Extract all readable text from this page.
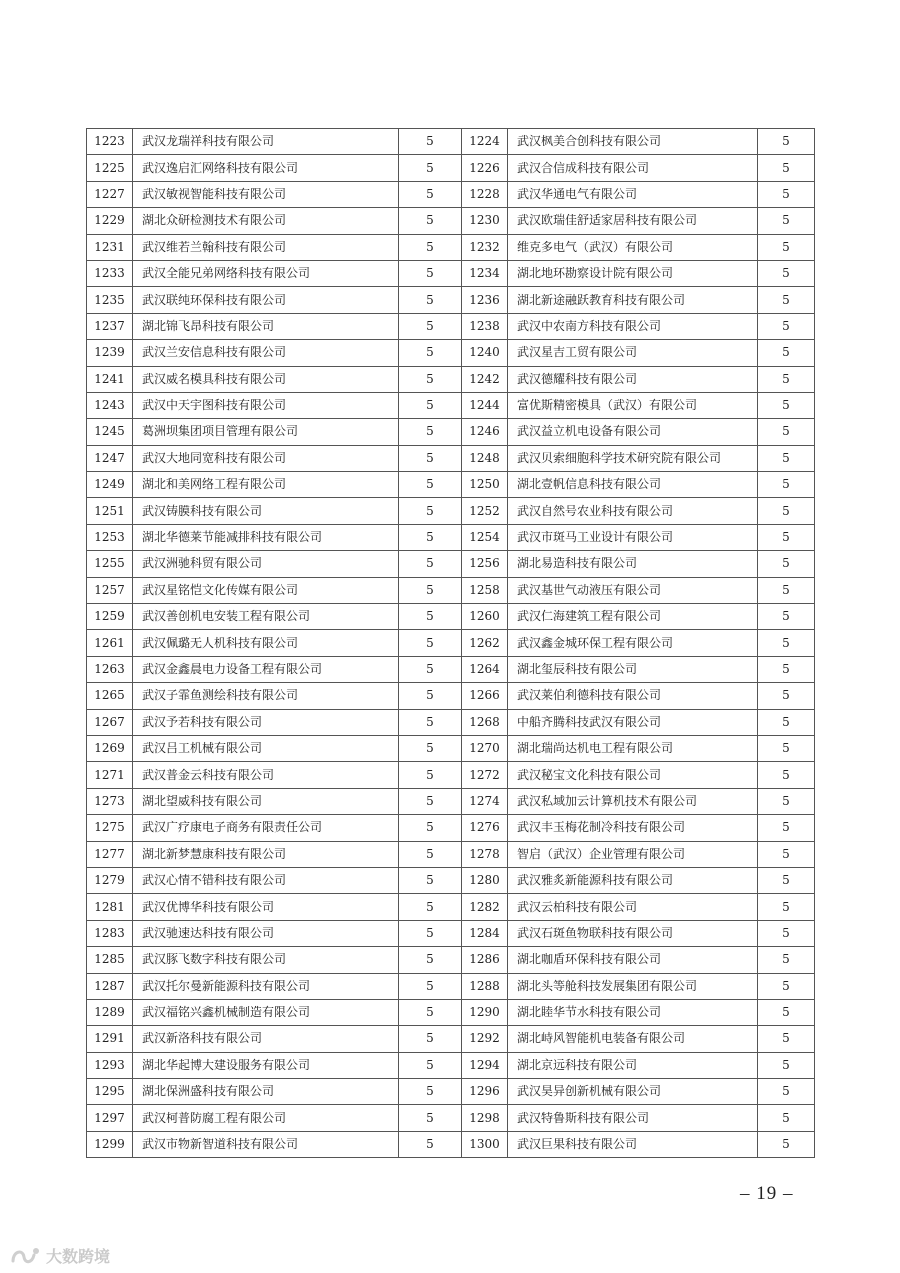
1223	武汉龙瑞祥科技有限公司	5	1224	武汉枫美合创科技有限公司	5
1225	武汉逸启汇网络科技有限公司	5	1226	武汉合信成科技有限公司	5
1227	武汉敏视智能科技有限公司	5	1228	武汉华通电气有限公司	5
1229	湖北众研检测技术有限公司	5	1230	武汉欧瑞佳舒适家居科技有限公司	5
1231	武汉维若兰翰科技有限公司	5	1232	维克多电气（武汉）有限公司	5
1233	武汉全能兄弟网络科技有限公司	5	1234	湖北地环勘察设计院有限公司	5
1235	武汉联纯环保科技有限公司	5	1236	湖北新途融跃教育科技有限公司	5
1237	湖北锦飞昂科技有限公司	5	1238	武汉中农南方科技有限公司	5
1239	武汉兰安信息科技有限公司	5	1240	武汉星吉工贸有限公司	5
1241	武汉威名模具科技有限公司	5	1242	武汉德耀科技有限公司	5
1243	武汉中天宇图科技有限公司	5	1244	富优斯精密模具（武汉）有限公司	5
1245	葛洲坝集团项目管理有限公司	5	1246	武汉益立机电设备有限公司	5
1247	武汉大地同宽科技有限公司	5	1248	武汉贝索细胞科学技术研究院有限公司	5
1249	湖北和美网络工程有限公司	5	1250	湖北壹帆信息科技有限公司	5
1251	武汉铸膜科技有限公司	5	1252	武汉自然号农业科技有限公司	5
1253	湖北华德莱节能减排科技有限公司	5	1254	武汉市斑马工业设计有限公司	5
1255	武汉洲驰科贸有限公司	5	1256	湖北易造科技有限公司	5
1257	武汉星铭恺文化传媒有限公司	5	1258	武汉基世气动液压有限公司	5
1259	武汉善创机电安装工程有限公司	5	1260	武汉仁海建筑工程有限公司	5
1261	武汉佩璐无人机科技有限公司	5	1262	武汉鑫金城环保工程有限公司	5
1263	武汉金鑫晨电力设备工程有限公司	5	1264	湖北玺辰科技有限公司	5
1265	武汉子霏鱼测绘科技有限公司	5	1266	武汉莱伯利德科技有限公司	5
1267	武汉予若科技有限公司	5	1268	中船齐腾科技武汉有限公司	5
1269	武汉吕工机械有限公司	5	1270	湖北瑞尚达机电工程有限公司	5
1271	武汉普金云科技有限公司	5	1272	武汉秘宝文化科技有限公司	5
1273	湖北望威科技有限公司	5	1274	武汉私域加云计算机技术有限公司	5
1275	武汉广疗康电子商务有限责任公司	5	1276	武汉丰玉梅花制冷科技有限公司	5
1277	湖北新梦慧康科技有限公司	5	1278	智启（武汉）企业管理有限公司	5
1279	武汉心情不错科技有限公司	5	1280	武汉雅炙新能源科技有限公司	5
1281	武汉优博华科技有限公司	5	1282	武汉云柏科技有限公司	5
1283	武汉驰速达科技有限公司	5	1284	武汉石斑鱼物联科技有限公司	5
1285	武汉豚飞数字科技有限公司	5	1286	湖北咖盾环保科技有限公司	5
1287	武汉托尔曼新能源科技有限公司	5	1288	湖北头等舱科技发展集团有限公司	5
1289	武汉福铭兴鑫机械制造有限公司	5	1290	湖北睦华节水科技有限公司	5
1291	武汉新洛科技有限公司	5	1292	湖北峙风智能机电装备有限公司	5
1293	湖北华起博大建设服务有限公司	5	1294	湖北京远科技有限公司	5
1295	湖北保洲盛科技有限公司	5	1296	武汉昊异创新机械有限公司	5
1297	武汉柯普防腐工程有限公司	5	1298	武汉特鲁斯科技有限公司	5
1299	武汉市物新智道科技有限公司	5	1300	武汉巨果科技有限公司	5
– 19 –
大数跨境
